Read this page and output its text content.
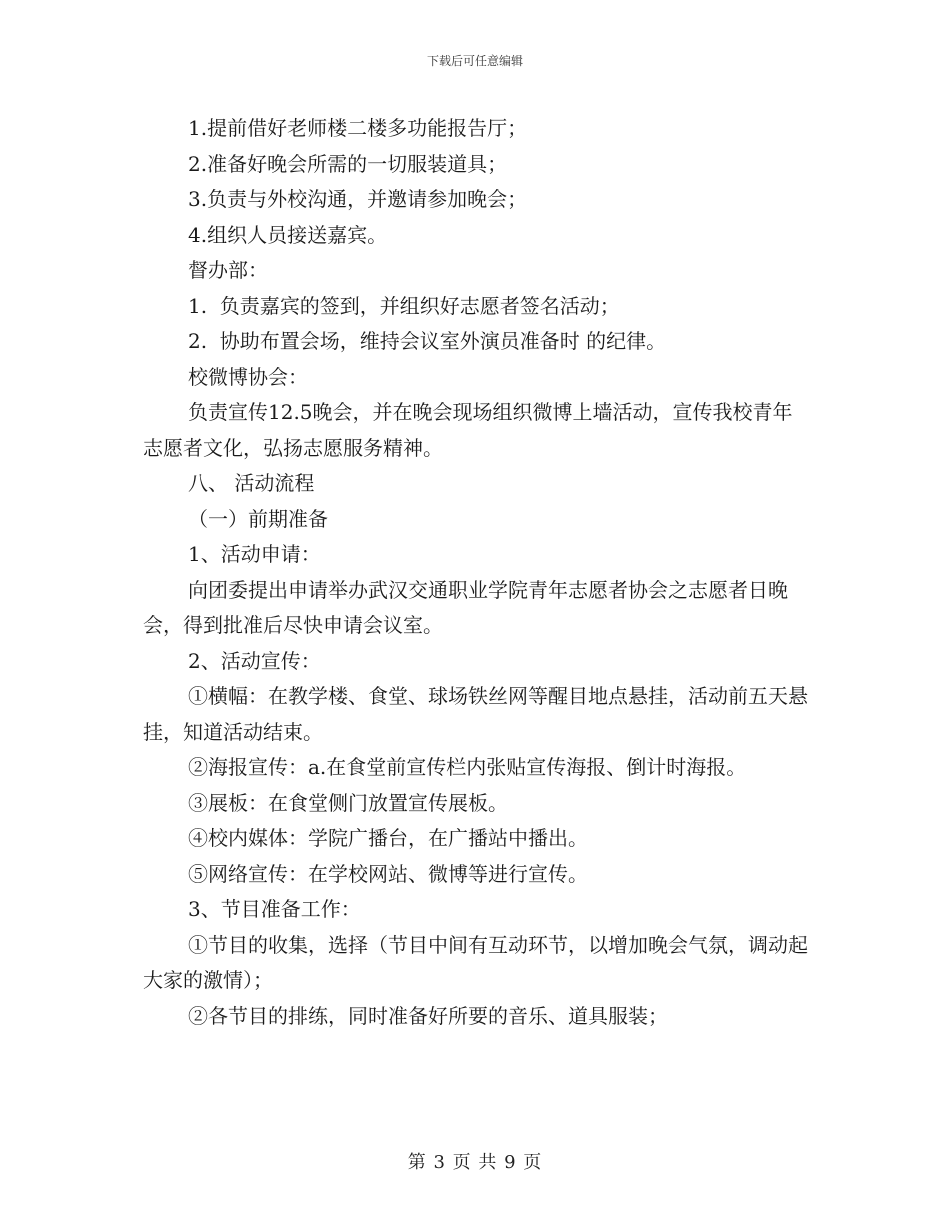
下载后可任意编辑

1.提前借好老师楼二楼多功能报告厅；

2.准备好晚会所需的一切服装道具；

3.负责与外校沟通，并邀请参加晚会；

4.组织人员接送嘉宾。

督办部：

1.  负责嘉宾的签到，并组织好志愿者签名活动；

2.  协助布置会场，维持会议室外演员准备时 的纪律。

校微博协会：

负责宣传12.5晚会，并在晚会现场组织微博上墙活动，宣传我校青年志愿者文化，弘扬志愿服务精神。

八、 活动流程

（一）前期准备

1、活动申请：

向团委提出申请举办武汉交通职业学院青年志愿者协会之志愿者日晚会，得到批准后尽快申请会议室。

2、活动宣传：

①横幅：在教学楼、食堂、球场铁丝网等醒目地点悬挂，活动前五天悬挂，知道活动结束。

②海报宣传：a.在食堂前宣传栏内张贴宣传海报、倒计时海报。

③展板：在食堂侧门放置宣传展板。

④校内媒体：学院广播台，在广播站中播出。

⑤网络宣传：在学校网站、微博等进行宣传。

3、节目准备工作：

①节目的收集，选择（节目中间有互动环节，以增加晚会气氛，调动起大家的激情）；

②各节目的排练，同时准备好所要的音乐、道具服装；

第 3 页 共 9 页
